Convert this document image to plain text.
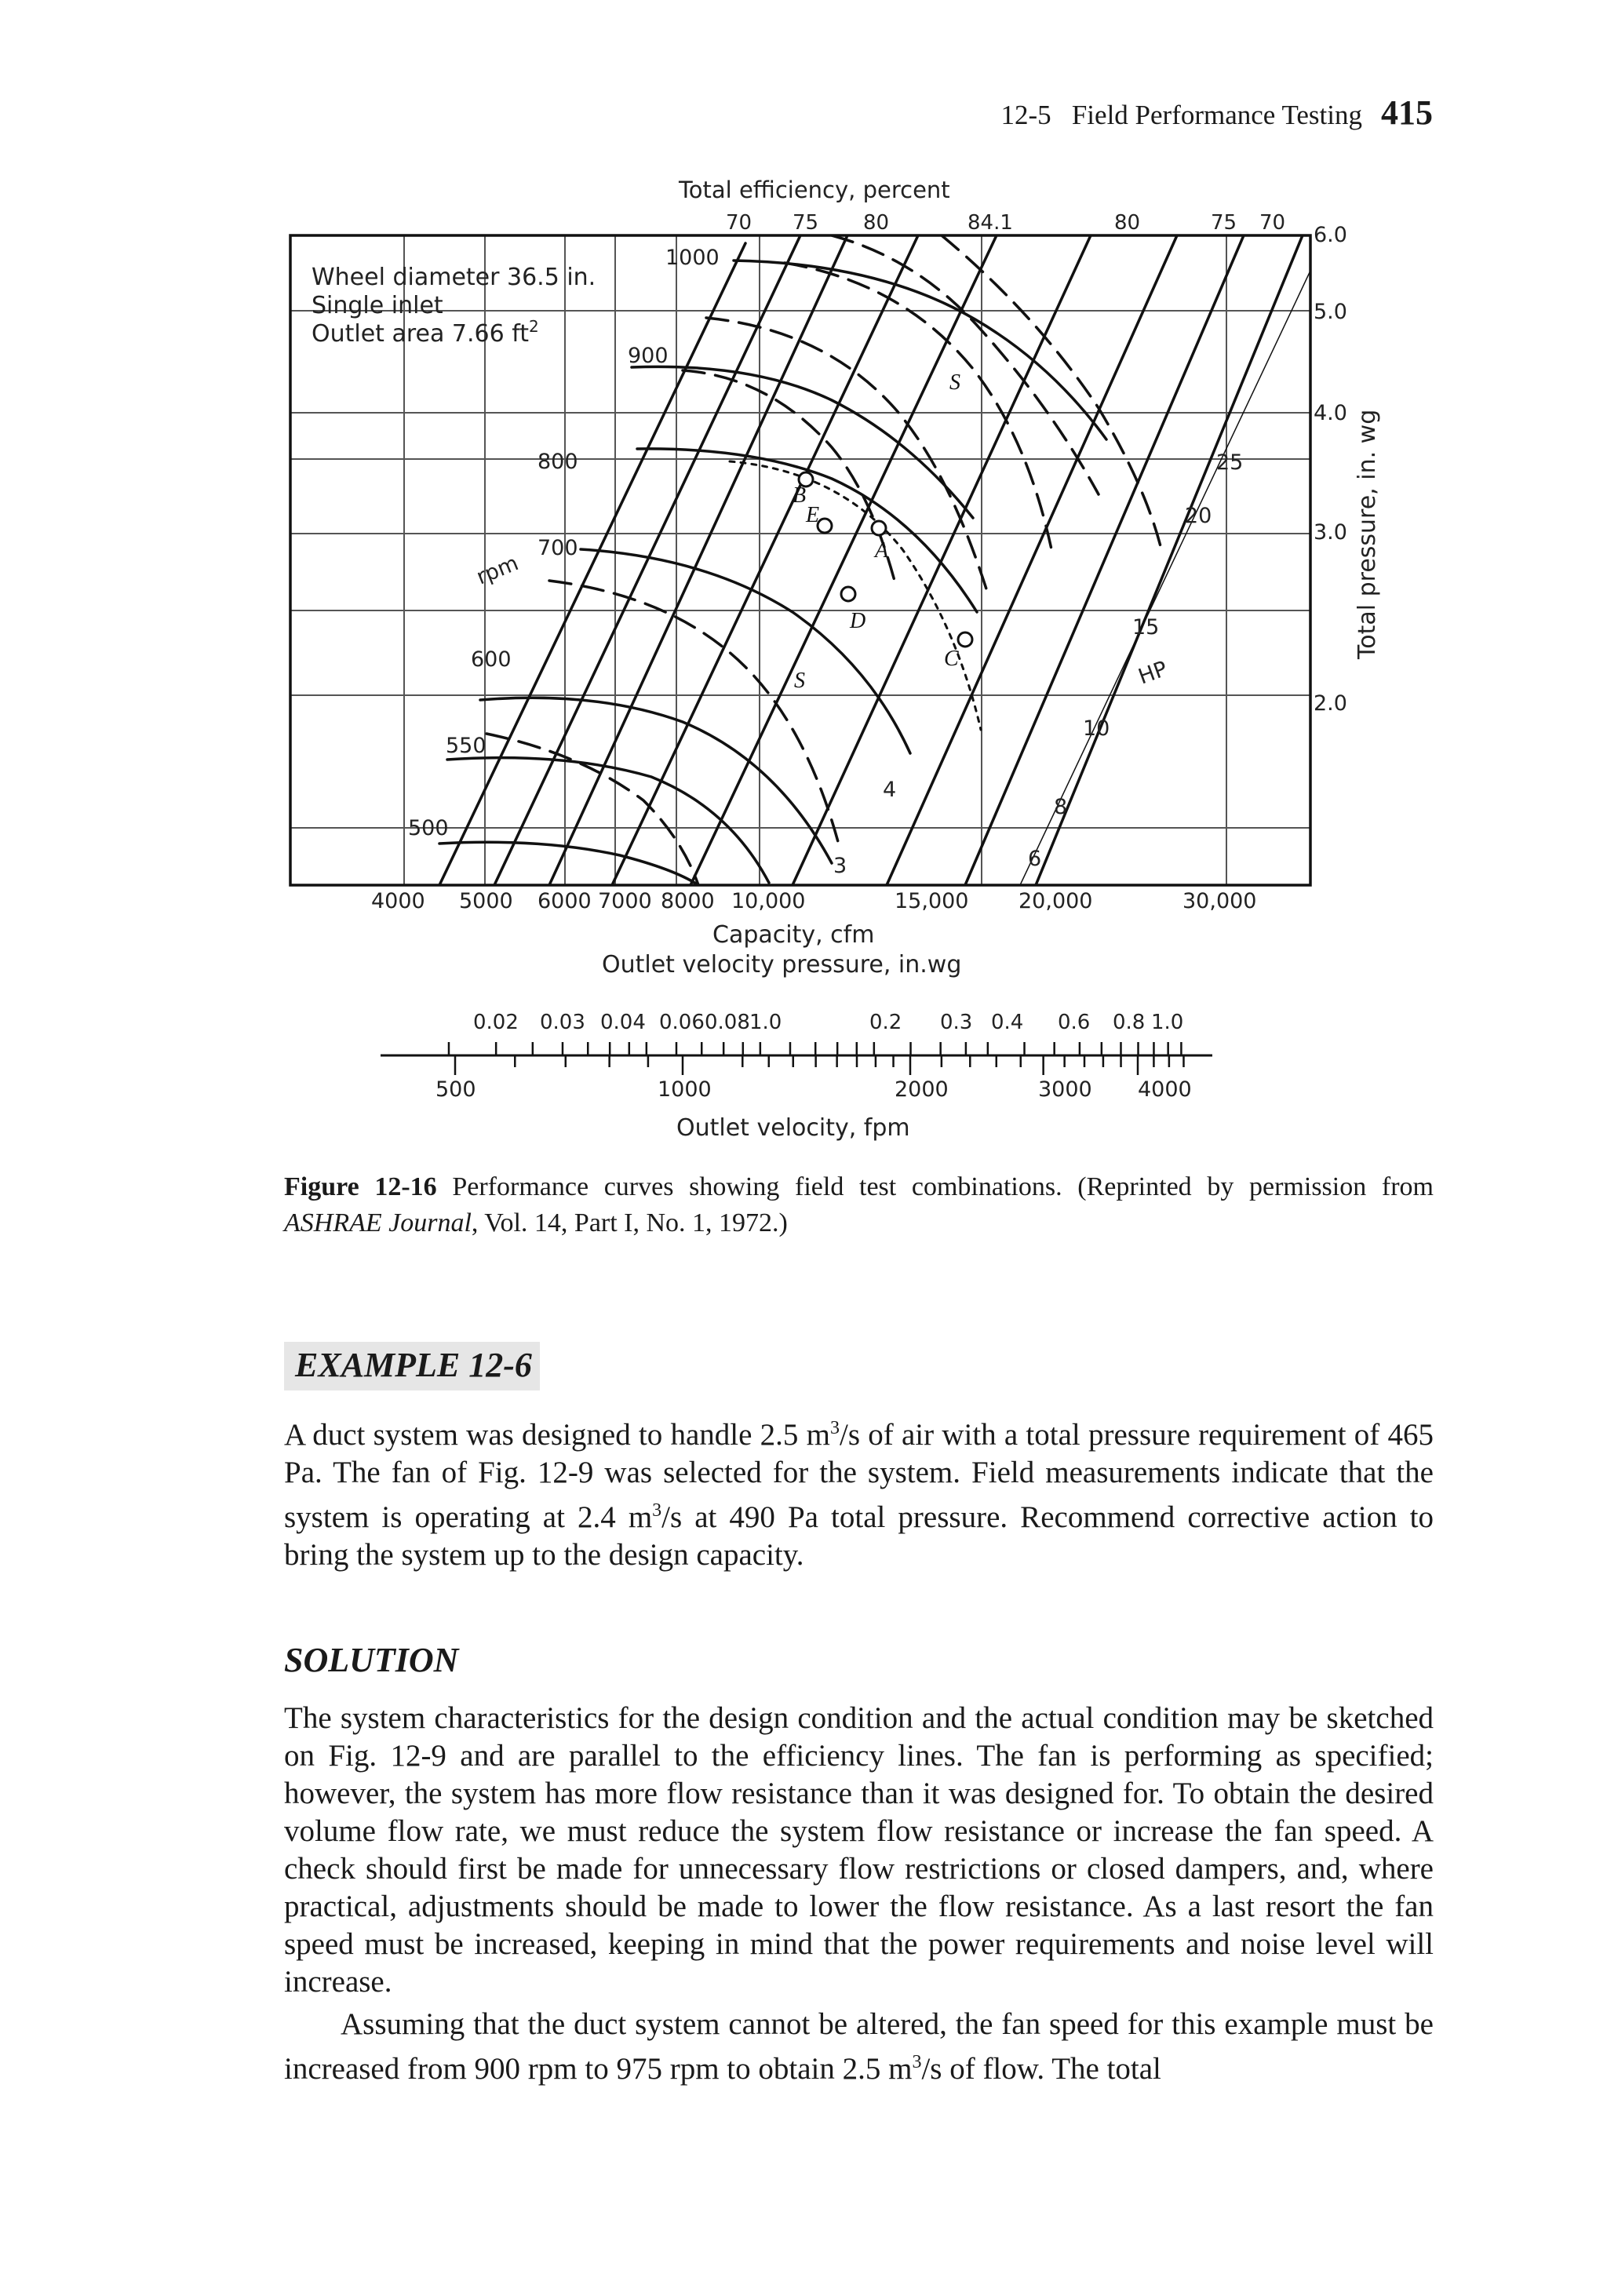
12-5 Field Performance Testing 415
B
E
A
D
C
S
S
Total efficiency, percent
70 75 80	84.1	80	75 70 6.0
5.0
4.0
3.0
2.0
Total pressure, in. wg
Wheel diameter 36.5 in.
Single inlet
Outlet area 7.66 $ft^2$
1000
900
800
700
600
550
500
rpm
3
4
6
8
10
15
20
25
HP
4000 5000 6000 7000 8000 10,000	15,000 20,000	30,000
Capacity, cfm
Outlet velocity pressure, in.wg
0.02 0.03 0.04 0.06 0.08 1.0	0.2 0.3 0.4 0.6 0.8 1.0
500	1000	2000	3000 4000
Outlet velocity, fpm
Figure 12-16 Performance curves showing field test combinations. (Reprinted by permission from ASHRAE Journal, Vol. 14, Part I, No. 1, 1972.)
EXAMPLE 12-6
A duct system was designed to handle 2.5 $m^3/s$ of air with a total pressure requirement of 465 Pa. The fan of Fig. 12-9 was selected for the system. Field measurements indicate that the system is operating at 2.4 $m^3/s$ at 490 Pa total pressure. Recommend corrective action to bring the system up to the design capacity.
SOLUTION
The system characteristics for the design condition and the actual condition may be sketched on Fig. 12-9 and are parallel to the efficiency lines. The fan is performing as specified; however, the system has more flow resistance than it was designed for. To obtain the desired volume flow rate, we must reduce the system flow resistance or increase the fan speed. A check should first be made for unnecessary flow restrictions or closed dampers, and, where practical, adjustments should be made to lower the flow resistance. As a last resort the fan speed must be increased, keeping in mind that the power requirements and noise level will increase.
Assuming that the duct system cannot be altered, the fan speed for this example must be increased from 900 rpm to 975 rpm to obtain 2.5 $m^3/s$ of flow. The total
